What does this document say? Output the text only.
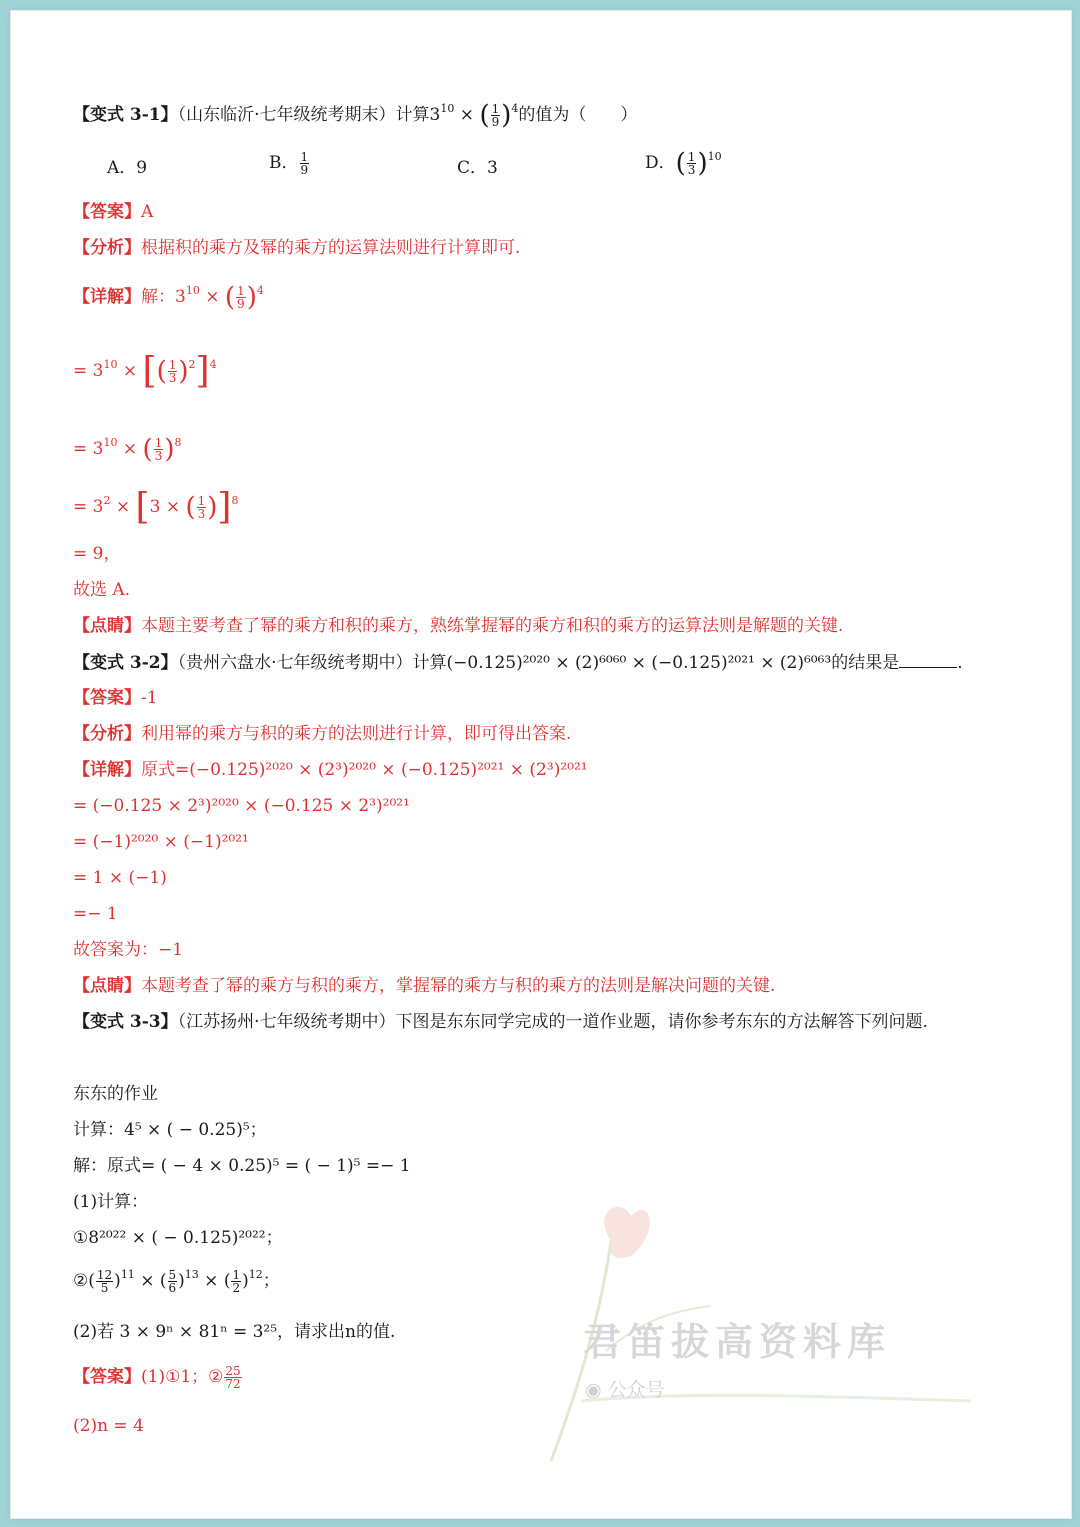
【变式 3-1】（山东临沂·七年级统考期末）计算$3^{10}$ × ( $\frac{1}{9} )^4$的值为（　　）
A．9	B． $\frac{1}{9}$	C．3	D．( $\frac{1}{3} )^{10}$
【答案】A
【分析】根据积的乘方及幂的乘方的运算法则进行计算即可.
【详解】解：$3^{10}$ × ( $\frac{1}{9} )^4$
= $3^{10}$ × [( $\frac{1}{3} )^2]^4$
= $3^{10}$ × ( $\frac{1}{3} )^8$
= $3^2 \times [3$ × ( $\frac{1}{3} )]^8$
= 9，
故选 A.
【点睛】本题主要考查了幂的乘方和积的乘方，熟练掌握幂的乘方和积的乘方的运算法则是解题的关键.
【变式 3-2】（贵州六盘水·七年级统考期中）计算(−0.125)²⁰²⁰ × (2)⁶⁰⁶⁰ × (−0.125)²⁰²¹ × (2)⁶⁰⁶³的结果是	.
【答案】-1
【分析】利用幂的乘方与积的乘方的法则进行计算，即可得出答案.
【详解】原式=(−0.125)²⁰²⁰ × (2³)²⁰²⁰ × (−0.125)²⁰²¹ × (2³)²⁰²¹
= (−0.125 × 2³)²⁰²⁰ × (−0.125 × 2³)²⁰²¹
= (−1)²⁰²⁰ × (−1)²⁰²¹
= 1 × (−1)
=− 1
故答案为：−1
【点睛】本题考查了幂的乘方与积的乘方，掌握幂的乘方与积的乘方的法则是解决问题的关键.
【变式 3-3】（江苏扬州·七年级统考期中）下图是东东同学完成的一道作业题，请你参考东东的方法解答下列问题.
东东的作业
计算：4⁵ × ( − 0.25)⁵；
解：原式= ( − 4 × 0.25)⁵ = ( − 1)⁵ =− 1
(1)计算：
①8²⁰²² × ( − 0.125)²⁰²²；
②( $\frac{12}{5} )^{11}$ × ( $\frac{5}{6} )^{13}$ × ( $\frac{1}{2} )^{12}$；
(2)若 3 × 9ⁿ × 81ⁿ = 3²⁵，请求出n的值.
【答案】(1)①1；② $\frac{25}{72}$
(2)n = 4
君笛拔高资料库
◉ 公众号
